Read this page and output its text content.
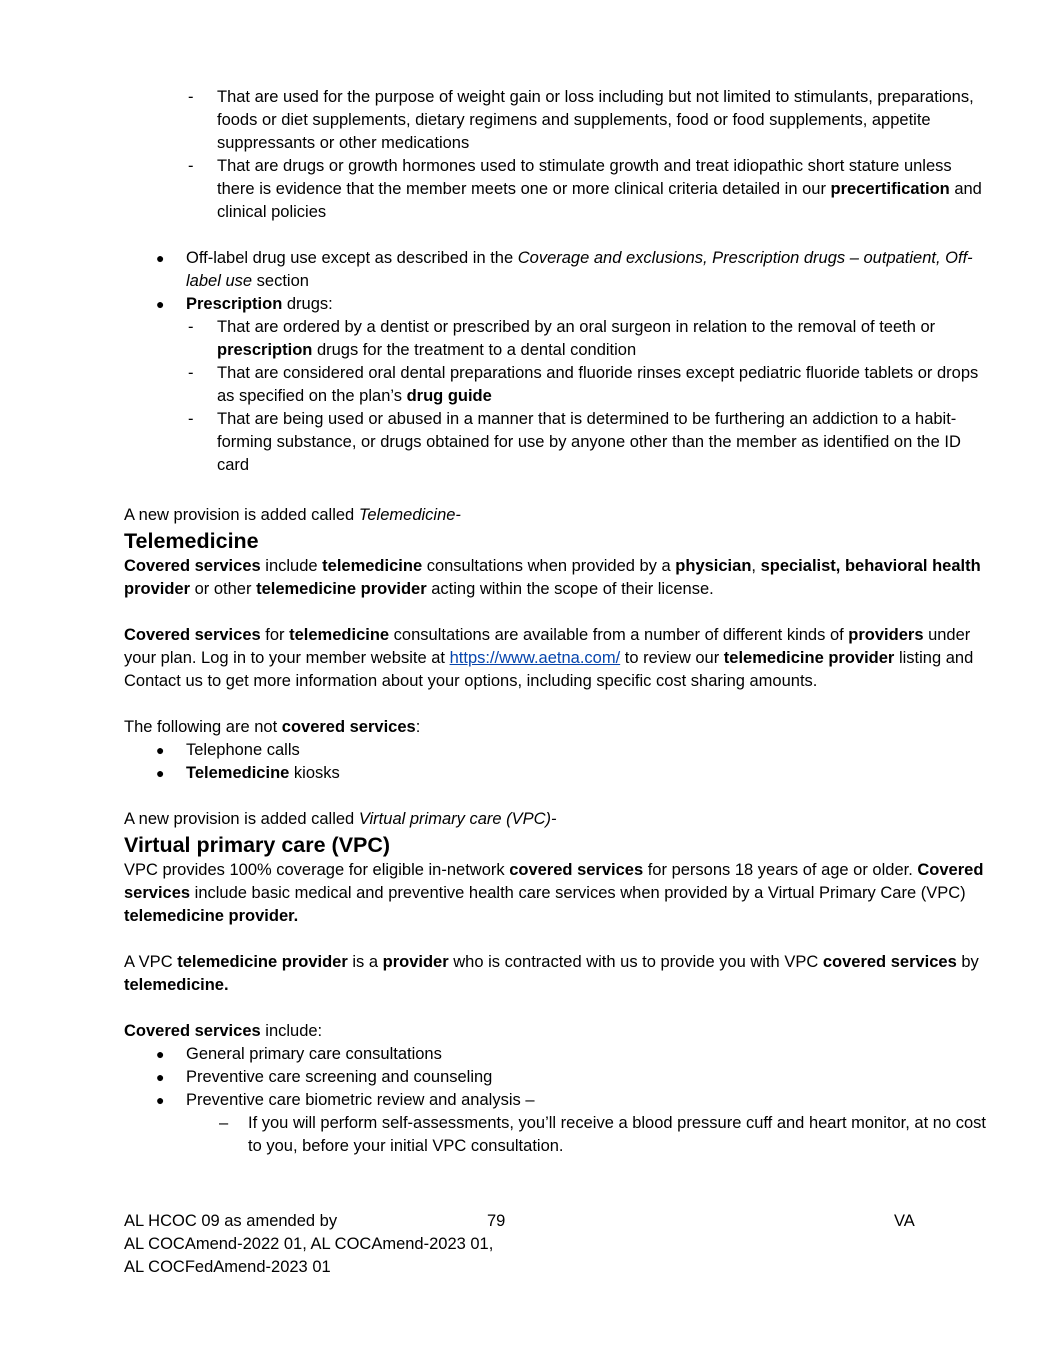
- That are used for the purpose of weight gain or loss including but not limited to stimulants, preparations, foods or diet supplements, dietary regimens and supplements, food or food supplements, appetite suppressants or other medications
- That are drugs or growth hormones used to stimulate growth and treat idiopathic short stature unless there is evidence that the member meets one or more clinical criteria detailed in our precertification and clinical policies
● Off-label drug use except as described in the Coverage and exclusions, Prescription drugs – outpatient, Off-label use section
● Prescription drugs:
- That are ordered by a dentist or prescribed by an oral surgeon in relation to the removal of teeth or prescription drugs for the treatment to a dental condition
- That are considered oral dental preparations and fluoride rinses except pediatric fluoride tablets or drops as specified on the plan’s drug guide
- That are being used or abused in a manner that is determined to be furthering an addiction to a habit-forming substance, or drugs obtained for use by anyone other than the member as identified on the ID card
A new provision is added called Telemedicine-
Telemedicine
Covered services include telemedicine consultations when provided by a physician, specialist, behavioral health provider or other telemedicine provider acting within the scope of their license.
Covered services for telemedicine consultations are available from a number of different kinds of providers under your plan. Log in to your member website at https://www.aetna.com/ to review our telemedicine provider listing and Contact us to get more information about your options, including specific cost sharing amounts.
The following are not covered services:
● Telephone calls
● Telemedicine kiosks
A new provision is added called Virtual primary care (VPC)-
Virtual primary care (VPC)
VPC provides 100% coverage for eligible in-network covered services for persons 18 years of age or older. Covered services include basic medical and preventive health care services when provided by a Virtual Primary Care (VPC) telemedicine provider.
A VPC telemedicine provider is a provider who is contracted with us to provide you with VPC covered services by telemedicine.
Covered services include:
● General primary care consultations
● Preventive care screening and counseling
● Preventive care biometric review and analysis –
– If you will perform self-assessments, you’ll receive a blood pressure cuff and heart monitor, at no cost to you, before your initial VPC consultation.
AL HCOC 09 as amended by	79	VA
AL COCAmend-2022 01, AL COCAmend-2023 01,
AL COCFedAmend-2023 01
